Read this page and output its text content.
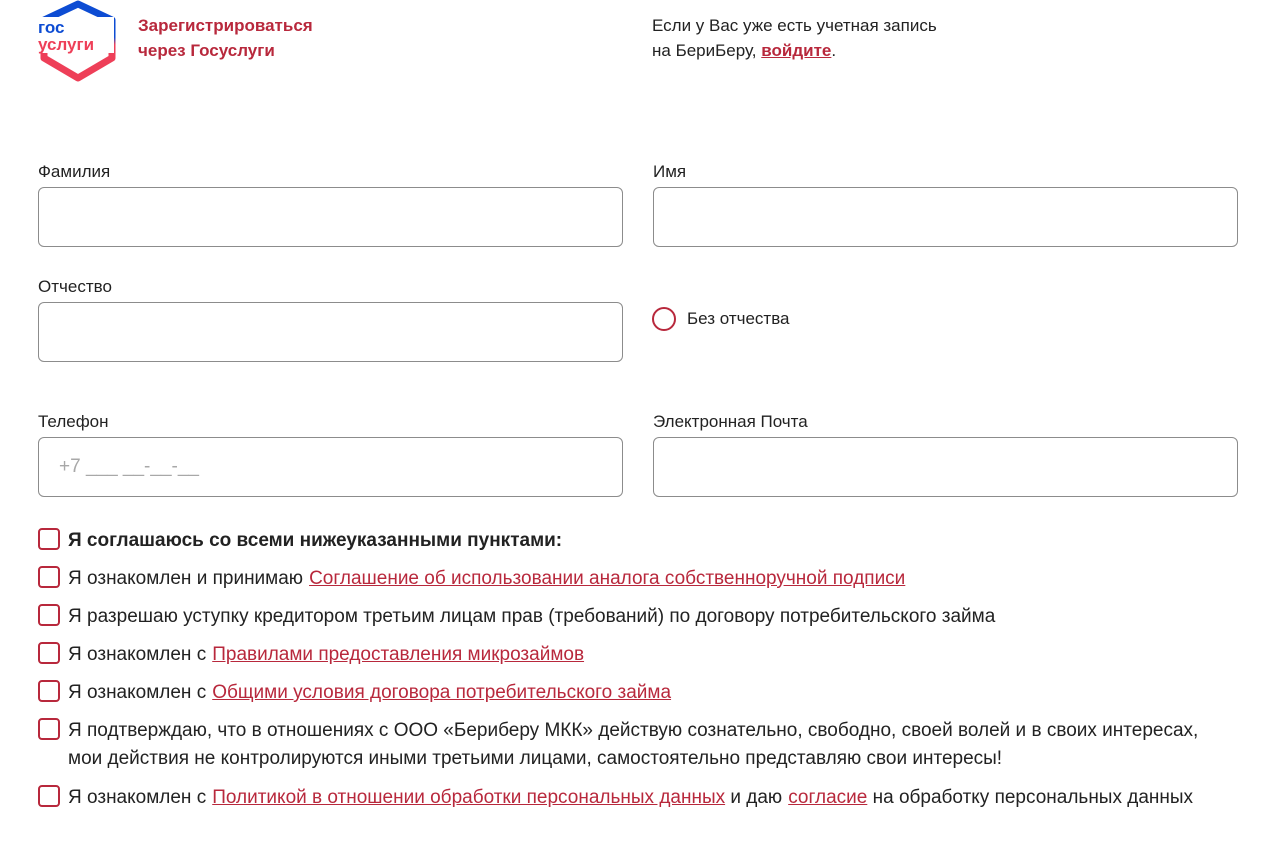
гос
услуги
Зарегистрироваться через Госуслуги
Если у Вас уже есть учетная запись на БериБеру, войдите.
Фамилия	Имя
Отчество
Без отчества
Телефон
+7 ___ __-__-__	Электронная Почта
Я соглашаюсь со всеми нижеуказанными пунктами:
Я ознакомлен и принимаю Соглашение об использовании аналога собственноручной подписи
Я разрешаю уступку кредитором третьим лицам прав (требований) по договору потребительского займа
Я ознакомлен с Правилами предоставления микрозаймов
Я ознакомлен с Общими условия договора потребительского займа
Я подтверждаю, что в отношениях с ООО «Бериберу МКК» действую сознательно, свободно, своей волей и в своих интересах, мои действия не контролируются иными третьими лицами, самостоятельно представляю свои интересы!
Я ознакомлен с Политикой в отношении обработки персональных данных и даю согласие на обработку персональных данных
